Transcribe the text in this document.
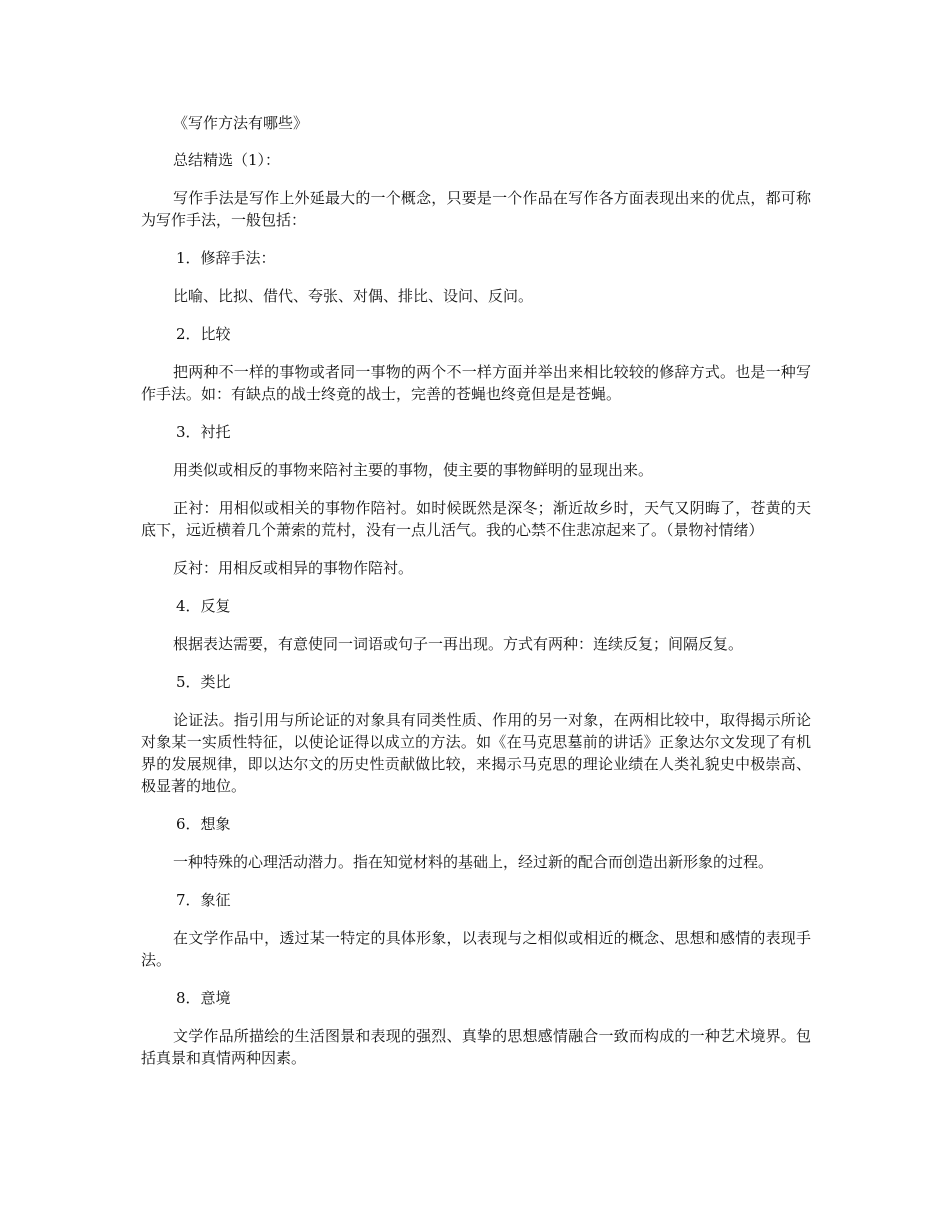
《写作方法有哪些》

总结精选（1）：

写作手法是写作上外延最大的一个概念，只要是一个作品在写作各方面表现出来的优点，都可称为写作手法，一般包括：

1．修辞手法：

比喻、比拟、借代、夸张、对偶、排比、设问、反问。

2．比较

把两种不一样的事物或者同一事物的两个不一样方面并举出来相比较较的修辞方式。也是一种写作手法。如：有缺点的战士终竟的战士，完善的苍蝇也终竟但是是苍蝇。

3．衬托

用类似或相反的事物来陪衬主要的事物，使主要的事物鲜明的显现出来。

正衬：用相似或相关的事物作陪衬。如时候既然是深冬；渐近故乡时，天气又阴晦了，苍黄的天底下，远近横着几个萧索的荒村，没有一点儿活气。我的心禁不住悲凉起来了。（景物衬情绪）

反衬：用相反或相异的事物作陪衬。

4．反复

根据表达需要，有意使同一词语或句子一再出现。方式有两种：连续反复；间隔反复。

5．类比

论证法。指引用与所论证的对象具有同类性质、作用的另一对象，在两相比较中，取得揭示所论对象某一实质性特征，以使论证得以成立的方法。如《在马克思墓前的讲话》正象达尔文发现了有机界的发展规律，即以达尔文的历史性贡献做比较，来揭示马克思的理论业绩在人类礼貌史中极崇高、极显著的地位。

6．想象

一种特殊的心理活动潜力。指在知觉材料的基础上，经过新的配合而创造出新形象的过程。

7．象征

在文学作品中，透过某一特定的具体形象，以表现与之相似或相近的概念、思想和感情的表现手法。

8．意境

文学作品所描绘的生活图景和表现的强烈、真挚的思想感情融合一致而构成的一种艺术境界。包括真景和真情两种因素。
